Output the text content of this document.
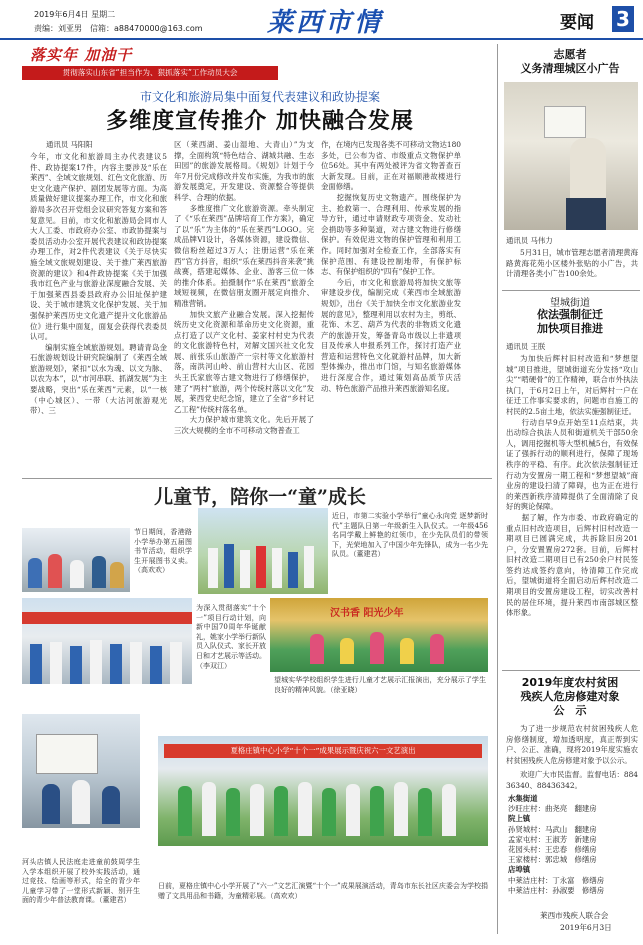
2019年6月4日 星期二
责编：刘亚男 信箱：a88470000@163.com	莱西市情	要闻 3
落实年 加油干
贯彻落实山东省“担当作为、狠抓落实”工作动员大会
市文化和旅游局集中面复代表建议和政协提案
多维度宣传推介 加快融合发展
通讯员 马阳阳
今年，市文化和旅游局主办代表建议5件、政协提案17件，内容主要涉及“乐在莱西”、全域文旅规划、红色文化旅游、历史文化遗产保护、剧团发展等方面。为高质量做好建议提案办理工作，市文化和旅游局多次召开党组会议研究答复方案和答复意见。目前，市文化和旅游局会同市人大人工委、市政府办公室、市政协提案与委员活动办公室开展代表建议和政协提案办理工作，对2件代表建议《关于尽快实施全域文旅规划建设、关于推广莱西旅游资源的建议》和4件政协提案《关于加强我市红色产业与旅游业深度融合发展、关于加强莱西县委县政府办公旧址保护建设、关于城市建筑文化保护发展、关于加强保护莱西历史文化遗产提升文化旅游品位》进行集中面复，面复会获得代表委员认可。
　　编制实施全域旅游规划。聘请青岛金石旅游规划设计研究院编制了《莱西全域旅游规划》，紧扣“以水为魂、以文为脉、以农为本”，以“市河串联、抓湖发展”为主要战略，突出“乐在莱西”元素，以“一核（中心城区）、一带（大沽河旅游观光带）、三
区（莱西湖、姜山湿地、大青山）”为支撑，全面构筑“特色结合、湖城共融、生态田园”的旅游发展格局。《规划》计划于今年7月份完成修改并发布实施，为我市的旅游发展奠定，开发建设、资源整合等提供科学、合理的依据。
　　多维度推广文化旅游资源。牵头制定了《“乐在莱西”品牌培育工作方案》，确定了以“乐”为主体的“乐在莱西”LOGO。完成品牌VI设计，各媒体资源，建设微信、微信粉丝超过3万人；注册运营“乐在莱西”官方抖音，组织“乐在莱西抖音来袭”挑战赛，搭建起媒体、企业、游客三位一体的推介体系。拍摄制作“乐在莱西”旅游全域短视频，在微信朋友圈开展定向推介、精准营销。
　　加快文旅产业融合发展。深入挖掘传统历史文化资源和革命历史文化资源，重点打造了以产文化村、姜家村村史为代表的文化旅游特色村，对解文国兴社文化发展、前张乐山旅游产一宗村等文化旅游村落，南洪河山岭、前山营村大山区、花园头王氏家旅等古建文物进行了修缮保护，建了“两村”旅游，两个传统村落以文化”发展，莱西党史纪念馆，建立了全省“乡村记乙工程”传统村落名单。
　　大力保护城市建筑文化。先后开展了三次大规模的全市不可移动文物普查工
作，在境内已发现各类不可移动文物达180多处，已公布为省、市级重点文物保护单位56处。其中有两处被评为省文物普查百大新发现。目前，正在对福顺港故楼进行金面修缮。
　　挖掘恢复历史文物遗产。围绕保护为主、抢救第一、合理利用、传承发展的指导方针，通过申请财政专项资金、发动社会捐助等多种渠道，对古建文物进行修缮保护。有效促进文物的保护管理和利用工作。同时加强对全检查工作，全部落实有保护范围、有建设控制地带，有保护标志、有保护组织的“四有”保护工作。
　　今后，市文化和旅游局将加快文旅等审建设步伐，编制完成《莱西市全域旅游规划》，出台《关于加快全市文化旅游业发展的意见》，整理利用以农村为主，剪纸、花饰、木艺、葫芦为代表的非物质文化遗产的旅游开发，筹备青岛市级以上非遗项目及传承人申报系列工作，探讨打造产业营造和运营特色文化就游村品牌，加大新型体操办，推出市门馆，与知名旅游媒体进行深度合作，通过策划高品质节庆活动、特色旅游产品推升莱西旅游知名度。
儿童节，陪你一“童”成长
节日期间，香港路小学举办第五届图书节活动，组织学生开展图书义卖。（高欢欢）
近日，市第二实验小学举行“童心永向党 逐梦新时代”主题队日第一年级新生入队仪式。一年级456名同学戴上鲜艳的红领巾，在少先队员们的带领下，光荣地加入了中国少年先锋队，成为一名少先队员。（董建君）
为深入贯彻落实“十个一”项目行动计划，向新中国70周年华诞献礼，姚家小学举行新队员入队仪式、家长开放日和才艺展示等活动。（李双江）
汉书香 阳光少年
望城实华学校组织学生进行儿童才艺展示汇报演出，充分展示了学生良好的精神风貌。（徐亚晓）
河头店镇人民法庭走进童前鼓周学生入学本组织开展了校外实践活动，通过竞技、绘画等形式，给全的青少年儿童学习带了一堂形式新颖、别开生面的青少年普法教育课。（董建君）
夏格庄镇中心小学“十个一”成果展示暨庆祝六一文艺演出
日前，夏格庄镇中心小学开展了“六一”文艺汇演暨“十个一”成果展演活动，青岛市东长社区庆委会为学校捐赠了文具用品和书籍，为童精彩展。（高欢欢）
志愿者
义务清理城区小广告
通讯员 马伟力
5月31日，城市管理志愿者清理黄海路黄海花苑小区楼外张贴的小广告，共计清理各类小广告100余处。
望城街道
依法强制征迁
加快项目推进
通讯员 王朕
为加快后辉村旧村改造和“梦想望城”项目推进，望城街道充分发扬“攻山尖”“啃硬骨”的工作精神，联合市外执法执门，于6月2日上午，对后辉村一户在征迁工作事实要求的，问题市自施工的村民的2.5亩土地，依法实施强制征迁。
　　行动自早9点开始至11点结束，共出动综合执法人员和街道机关干部50余人，调用挖掘机等大型机械5台，有效保证了强拆行动的顺利进行，保障了现场秩序的平稳、有序。此次依法强制征迁行动为安置房一期工程和“梦想望城”商业房的建设扫清了障碍，也为正在进行的莱西新秩序清障提供了全面清除了良好的舆论保障。
　　据了解，作为市委、市政府确定的重点旧村改造项目，后辉村旧村改造一期项目已圆满完成，共拆除旧房201户，分安置置房272套。目前，后辉村旧村改造二期项目已有250余户村民签签约达成签约意向，待清障工作完成后，望城街道将全面启动后辉村改造二期项目的安置房建设工程，切实改善村民的居住环境，提升莱西市南部城区整体形象。
2019年度农村贫困
残疾人危房修建对象
公　示
为了进一步规范农村贫困残疾人危房修缮制度，增加透明度，真正帮到实户、公正、准确，现将2019年度实施农村贫困残疾人危房修建对象予以公示。
欢迎广大市民监督。监督电话：88436340、88436342。
水集街道
沙旺庄村：曲尧亮　翻建房
院上镇
孙贤城村：马武山　翻建房
孟家屯村：王淑芳　新建房
花园头村：王忠春　修缮房
王家楼村：郭忠城　修缮房
店埠镇
中莱洁庄村：丁永富　修缮房
中莱洁庄村：孙淑要　修缮房
莱西市残疾人联合会
2019年6月3日
